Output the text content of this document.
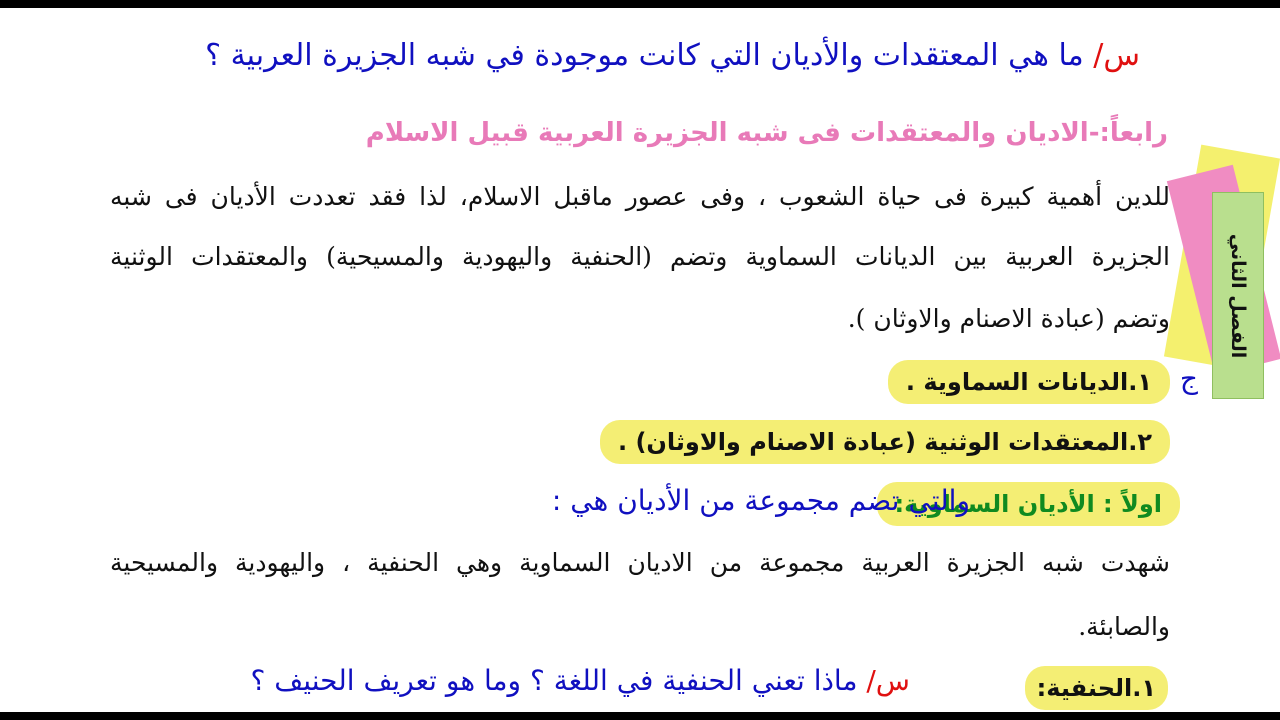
س/ ما هي المعتقدات والأديان التي كانت موجودة في شبه الجزيرة العربية ؟
رابعاً:-الاديان والمعتقدات فى شبه الجزيرة العربية قبيل الاسلام
للدين أهمية كبيرة فى حياة الشعوب ، وفى عصور ماقبل الاسلام، لذا فقد تعددت الأديان فى شبه
الجزيرة العربية بين الديانات السماوية وتضم (الحنفية واليهودية والمسيحية) والمعتقدات الوثنية
وتضم (عبادة الاصنام والاوثان ).
ج
١.الديانات السماوية .
٢.المعتقدات الوثنية (عبادة الاصنام والاوثان) .
اولاً : الأديان السماوية:
والتي تضم مجموعة من الأديان هي :
شهدت شبه الجزيرة العربية مجموعة من الاديان السماوية وهي الحنفية ، واليهودية والمسيحية
والصابئة.
١.الحنفية:
س/ ماذا تعني الحنفية في اللغة ؟ وما هو تعريف الحنيف ؟
الفصل الثاني
